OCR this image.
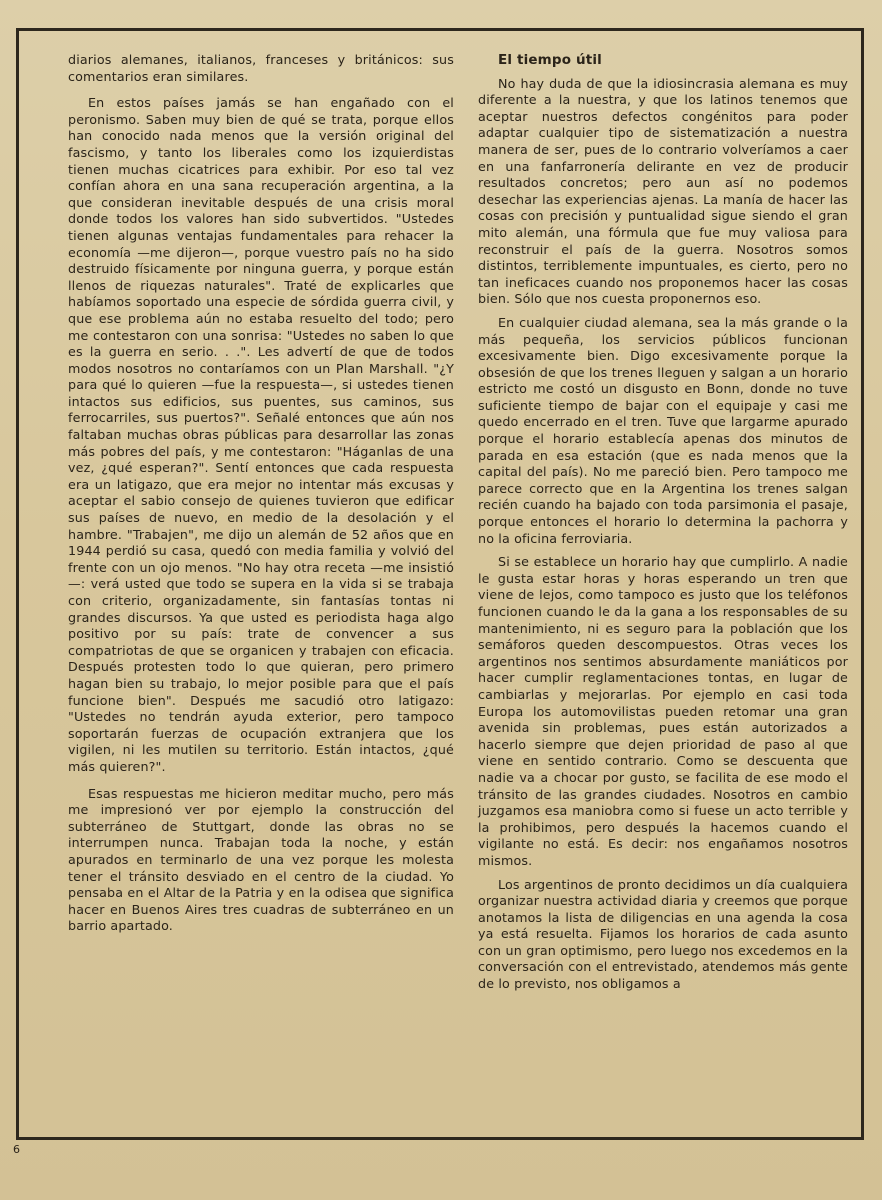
diarios alemanes, italianos, franceses y británicos: sus comentarios eran similares.

En estos países jamás se han engañado con el peronismo. Saben muy bien de qué se trata, porque ellos han conocido nada menos que la versión original del fascismo, y tanto los liberales como los izquierdistas tienen muchas cicatrices para exhibir. Por eso tal vez confían ahora en una sana recuperación argentina, a la que consideran inevitable después de una crisis moral donde todos los valores han sido subvertidos. "Ustedes tienen algunas ventajas fundamentales para rehacer la economía —me dijeron—, porque vuestro país no ha sido destruido físicamente por ninguna guerra, y porque están llenos de riquezas naturales". Traté de explicarles que habíamos soportado una especie de sórdida guerra civil, y que ese problema aún no estaba resuelto del todo; pero me contestaron con una sonrisa: "Ustedes no saben lo que es la guerra en serio. . .". Les advertí de que de todos modos nosotros no contaríamos con un Plan Marshall. "¿Y para qué lo quieren —fue la respuesta—, si ustedes tienen intactos sus edificios, sus puentes, sus caminos, sus ferrocarriles, sus puertos?". Señalé entonces que aún nos faltaban muchas obras públicas para desarrollar las zonas más pobres del país, y me contestaron: "Háganlas de una vez, ¿qué esperan?". Sentí entonces que cada respuesta era un latigazo, que era mejor no intentar más excusas y aceptar el sabio consejo de quienes tuvieron que edificar sus países de nuevo, en medio de la desolación y el hambre. "Trabajen", me dijo un alemán de 52 años que en 1944 perdió su casa, quedó con media familia y volvió del frente con un ojo menos. "No hay otra receta —me insistió—: verá usted que todo se supera en la vida si se trabaja con criterio, organizadamente, sin fantasías tontas ni grandes discursos. Ya que usted es periodista haga algo positivo por su país: trate de convencer a sus compatriotas de que se organicen y trabajen con eficacia. Después protesten todo lo que quieran, pero primero hagan bien su trabajo, lo mejor posible para que el país funcione bien". Después me sacudió otro latigazo: "Ustedes no tendrán ayuda exterior, pero tampoco soportarán fuerzas de ocupación extranjera que los vigilen, ni les mutilen su territorio. Están intactos, ¿qué más quieren?".

Esas respuestas me hicieron meditar mucho, pero más me impresionó ver por ejemplo la construcción del subterráneo de Stuttgart, donde las obras no se interrumpen nunca. Trabajan toda la noche, y están apurados en terminarlo de una vez porque les molesta tener el tránsito desviado en el centro de la ciudad. Yo pensaba en el Altar de la Patria y en la odisea que significa hacer en Buenos Aires tres cuadras de subterráneo en un barrio apartado.

El tiempo útil

No hay duda de que la idiosincrasia alemana es muy diferente a la nuestra, y que los latinos tenemos que aceptar nuestros defectos congénitos para poder adaptar cualquier tipo de sistematización a nuestra manera de ser, pues de lo contrario volveríamos a caer en una fanfarronería delirante en vez de producir resultados concretos; pero aun así no podemos desechar las experiencias ajenas. La manía de hacer las cosas con precisión y puntualidad sigue siendo el gran mito alemán, una fórmula que fue muy valiosa para reconstruir el país de la guerra. Nosotros somos distintos, terriblemente impuntuales, es cierto, pero no tan ineficaces cuando nos proponemos hacer las cosas bien. Sólo que nos cuesta proponernos eso.

En cualquier ciudad alemana, sea la más grande o la más pequeña, los servicios públicos funcionan excesivamente bien. Digo excesivamente porque la obsesión de que los trenes lleguen y salgan a un horario estricto me costó un disgusto en Bonn, donde no tuve suficiente tiempo de bajar con el equipaje y casi me quedo encerrado en el tren. Tuve que largarme apurado porque el horario establecía apenas dos minutos de parada en esa estación (que es nada menos que la capital del país). No me pareció bien. Pero tampoco me parece correcto que en la Argentina los trenes salgan recién cuando ha bajado con toda parsimonia el pasaje, porque entonces el horario lo determina la pachorra y no la oficina ferroviaria.

Si se establece un horario hay que cumplirlo. A nadie le gusta estar horas y horas esperando un tren que viene de lejos, como tampoco es justo que los teléfonos funcionen cuando le da la gana a los responsables de su mantenimiento, ni es seguro para la población que los semáforos queden descompuestos. Otras veces los argentinos nos sentimos absurdamente maniáticos por hacer cumplir reglamentaciones tontas, en lugar de cambiarlas y mejorarlas. Por ejemplo en casi toda Europa los automovilistas pueden retomar una gran avenida sin problemas, pues están autorizados a hacerlo siempre que dejen prioridad de paso al que viene en sentido contrario. Como se descuenta que nadie va a chocar por gusto, se facilita de ese modo el tránsito de las grandes ciudades. Nosotros en cambio juzgamos esa maniobra como si fuese un acto terrible y la prohibimos, pero después la hacemos cuando el vigilante no está. Es decir: nos engañamos nosotros mismos.

Los argentinos de pronto decidimos un día cualquiera organizar nuestra actividad diaria y creemos que porque anotamos la lista de diligencias en una agenda la cosa ya está resuelta. Fijamos los horarios de cada asunto con un gran optimismo, pero luego nos excedemos en la conversación con el entrevistado, atendemos más gente de lo previsto, nos obligamos a

6
